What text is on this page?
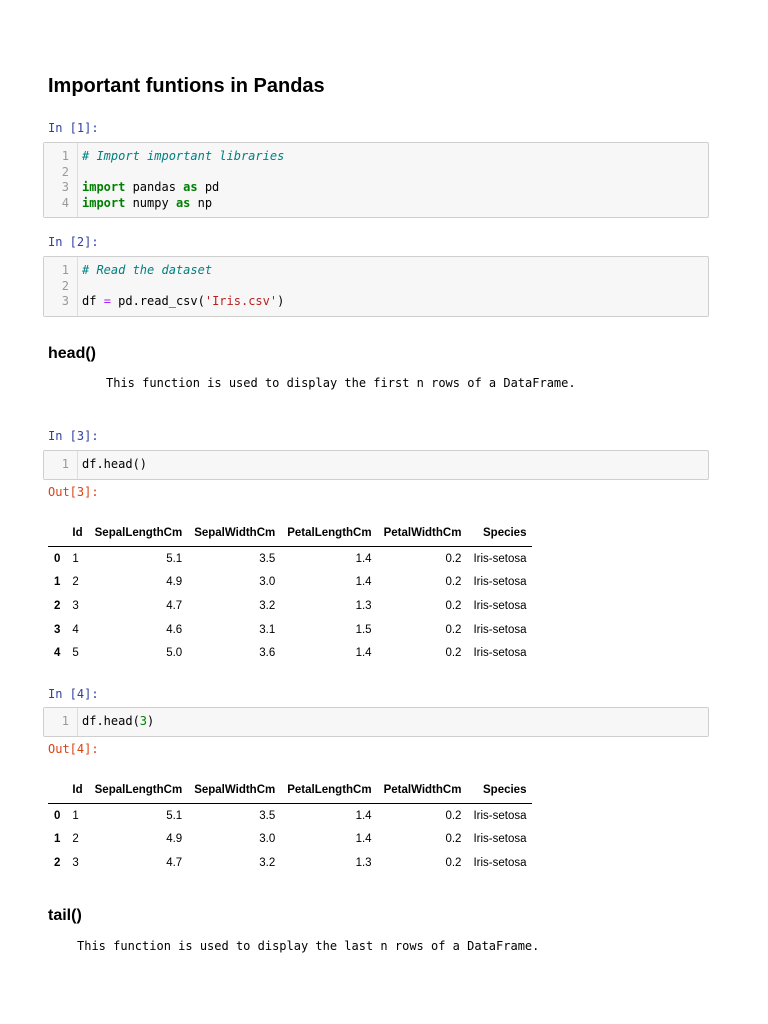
Important funtions in Pandas
In [1]:
1 # Import important libraries
2
3 import pandas as pd
4 import numpy as np
In [2]:
1 # Read the dataset
2
3 df = pd.read_csv('Iris.csv')
head()
This function is used to display the first n rows of a DataFrame.
In [3]:
1 df.head()
Out[3]:
	Id	SepalLengthCm	SepalWidthCm	PetalLengthCm	PetalWidthCm	Species
0	1	5.1	3.5	1.4	0.2	Iris-setosa
1	2	4.9	3.0	1.4	0.2	Iris-setosa
2	3	4.7	3.2	1.3	0.2	Iris-setosa
3	4	4.6	3.1	1.5	0.2	Iris-setosa
4	5	5.0	3.6	1.4	0.2	Iris-setosa
In [4]:
1 df.head(3)
Out[4]:
	Id	SepalLengthCm	SepalWidthCm	PetalLengthCm	PetalWidthCm	Species
0	1	5.1	3.5	1.4	0.2	Iris-setosa
1	2	4.9	3.0	1.4	0.2	Iris-setosa
2	3	4.7	3.2	1.3	0.2	Iris-setosa
tail()
This function is used to display the last n rows of a DataFrame.
